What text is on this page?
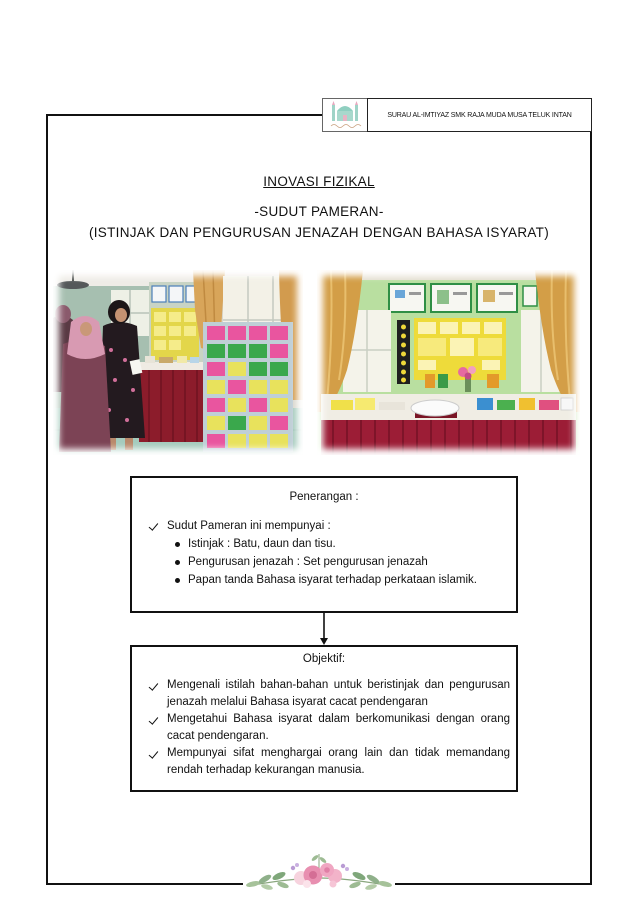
SURAU AL-IMTIYAZ SMK RAJA MUDA MUSA TELUK INTAN
INOVASI FIZIKAL
-SUDUT PAMERAN-
(ISTINJAK DAN PENGURUSAN JENAZAH DENGAN BAHASA ISYARAT)
Penerangan :
Sudut Pameran ini mempunyai :
Istinjak : Batu, daun dan tisu.
Pengurusan jenazah : Set pengurusan jenazah
Papan tanda Bahasa isyarat terhadap perkataan islamik.
Objektif:
Mengenali istilah bahan-bahan untuk beristinjak dan pengurusan jenazah melalui Bahasa isyarat cacat pendengaran
Mengetahui Bahasa isyarat dalam berkomunikasi dengan orang cacat pendengaran.
Mempunyai sifat menghargai orang lain dan tidak memandang rendah terhadap kekurangan manusia.
